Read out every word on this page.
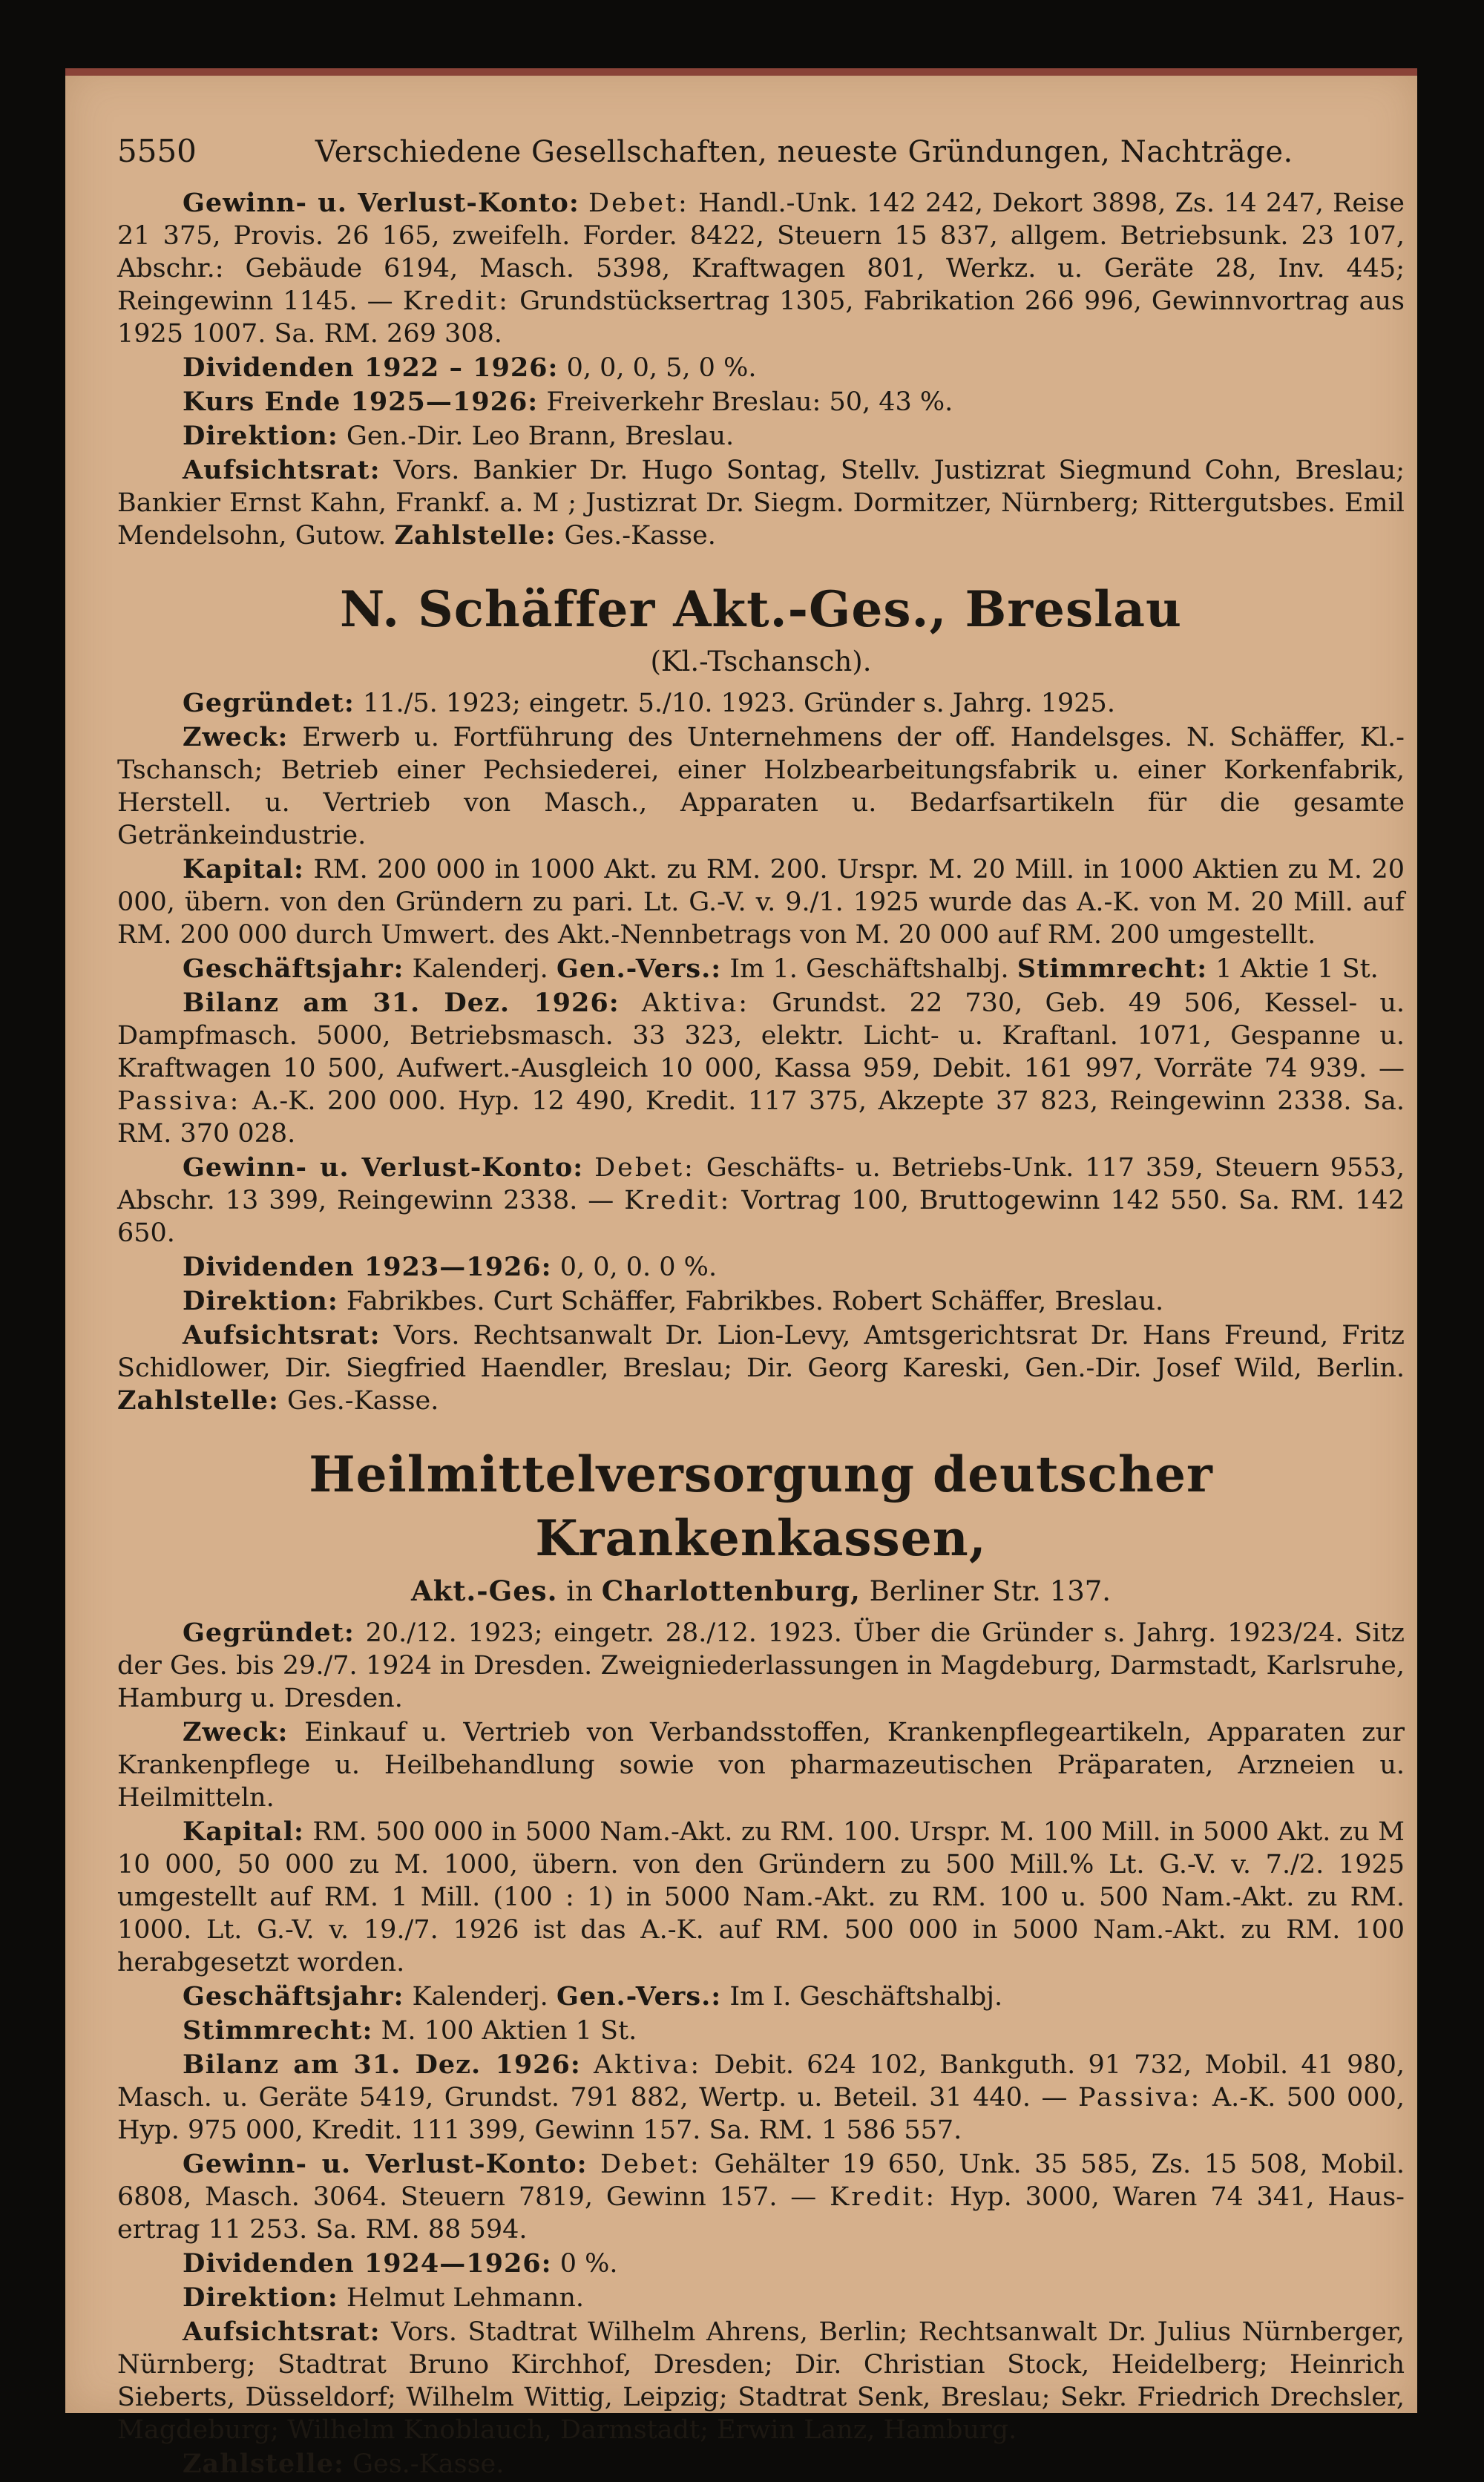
5550	Verschiedene Gesellschaften, neueste Gründungen, Nachträge.

Gewinn- u. Verlust-Konto: Debet: Handl.-Unk. 142 242, Dekort 3898, Zs. 14 247, Reise 21 375, Provis. 26 165, zweifelh. Forder. 8422, Steuern 15 837, allgem. Betriebsunk. 23 107, Abschr.: Gebäude 6194, Masch. 5398, Kraftwagen 801, Werkz. u. Geräte 28, Inv. 445; Reingewinn 1145. — Kredit: Grundstücksertrag 1305, Fabrikation 266 996, Gewinnvortrag aus 1925 1007. Sa. RM. 269 308.

Dividenden 1922 – 1926: 0, 0, 0, 5, 0 %.

Kurs Ende 1925—1926: Freiverkehr Breslau: 50, 43 %.

Direktion: Gen.-Dir. Leo Brann, Breslau.

Aufsichtsrat: Vors. Bankier Dr. Hugo Sontag, Stellv. Justizrat Siegmund Cohn, Breslau; Bankier Ernst Kahn, Frankf. a. M ; Justizrat Dr. Siegm. Dormitzer, Nürnberg; Rittergutsbes. Emil Mendelsohn, Gutow. Zahlstelle: Ges.-Kasse.

N. Schäffer Akt.-Ges., Breslau
(Kl.-Tschansch).

Gegründet: 11./5. 1923; eingetr. 5./10. 1923. Gründer s. Jahrg. 1925.

Zweck: Erwerb u. Fortführung des Unternehmens der off. Handelsges. N. Schäffer, Kl.-Tschansch; Betrieb einer Pechsiederei, einer Holzbearbeitungsfabrik u. einer Korkenfabrik, Herstell. u. Vertrieb von Masch., Apparaten u. Bedarfsartikeln für die gesamte Getränkeindustrie.

Kapital: RM. 200 000 in 1000 Akt. zu RM. 200. Urspr. M. 20 Mill. in 1000 Aktien zu M. 20 000, übern. von den Gründern zu pari. Lt. G.-V. v. 9./1. 1925 wurde das A.-K. von M. 20 Mill. auf RM. 200 000 durch Umwert. des Akt.-Nennbetrags von M. 20 000 auf RM. 200 umgestellt.

Geschäftsjahr: Kalenderj. Gen.-Vers.: Im 1. Geschäftshalbj. Stimmrecht: 1 Aktie 1 St.

Bilanz am 31. Dez. 1926: Aktiva: Grundst. 22 730, Geb. 49 506, Kessel- u. Dampfmasch. 5000, Betriebsmasch. 33 323, elektr. Licht- u. Kraftanl. 1071, Gespanne u. Kraftwagen 10 500, Aufwert.-Ausgleich 10 000, Kassa 959, Debit. 161 997, Vorräte 74 939. — Passiva: A.-K. 200 000. Hyp. 12 490, Kredit. 117 375, Akzepte 37 823, Reingewinn 2338. Sa. RM. 370 028.

Gewinn- u. Verlust-Konto: Debet: Geschäfts- u. Betriebs-Unk. 117 359, Steuern 9553, Abschr. 13 399, Reingewinn 2338. — Kredit: Vortrag 100, Bruttogewinn 142 550. Sa. RM. 142 650.

Dividenden 1923—1926: 0, 0, 0. 0 %.

Direktion: Fabrikbes. Curt Schäffer, Fabrikbes. Robert Schäffer, Breslau.

Aufsichtsrat: Vors. Rechtsanwalt Dr. Lion-Levy, Amtsgerichtsrat Dr. Hans Freund, Fritz Schidlower, Dir. Siegfried Haendler, Breslau; Dir. Georg Kareski, Gen.-Dir. Josef Wild, Berlin. Zahlstelle: Ges.-Kasse.

Heilmittelversorgung deutscher Krankenkassen,
Akt.-Ges. in Charlottenburg, Berliner Str. 137.

Gegründet: 20./12. 1923; eingetr. 28./12. 1923. Über die Gründer s. Jahrg. 1923/24. Sitz der Ges. bis 29./7. 1924 in Dresden. Zweigniederlassungen in Magdeburg, Darmstadt, Karlsruhe, Hamburg u. Dresden.

Zweck: Einkauf u. Vertrieb von Verbandsstoffen, Krankenpflegeartikeln, Apparaten zur Krankenpflege u. Heilbehandlung sowie von pharmazeutischen Präparaten, Arzneien u. Heilmitteln.

Kapital: RM. 500 000 in 5000 Nam.-Akt. zu RM. 100. Urspr. M. 100 Mill. in 5000 Akt. zu M 10 000, 50 000 zu M. 1000, übern. von den Gründern zu 500 Mill.% Lt. G.-V. v. 7./2. 1925 umgestellt auf RM. 1 Mill. (100 : 1) in 5000 Nam.-Akt. zu RM. 100 u. 500 Nam.-Akt. zu RM. 1000. Lt. G.-V. v. 19./7. 1926 ist das A.-K. auf RM. 500 000 in 5000 Nam.-Akt. zu RM. 100 herabgesetzt worden.

Geschäftsjahr: Kalenderj. Gen.-Vers.: Im I. Geschäftshalbj.

Stimmrecht: M. 100 Aktien 1 St.

Bilanz am 31. Dez. 1926: Aktiva: Debit. 624 102, Bankguth. 91 732, Mobil. 41 980, Masch. u. Geräte 5419, Grundst. 791 882, Wertp. u. Beteil. 31 440. — Passiva: A.-K. 500 000, Hyp. 975 000, Kredit. 111 399, Gewinn 157. Sa. RM. 1 586 557.

Gewinn- u. Verlust-Konto: Debet: Gehälter 19 650, Unk. 35 585, Zs. 15 508, Mobil. 6808, Masch. 3064. Steuern 7819, Gewinn 157. — Kredit: Hyp. 3000, Waren 74 341, Haus-ertrag 11 253. Sa. RM. 88 594.

Dividenden 1924—1926: 0 %.

Direktion: Helmut Lehmann.

Aufsichtsrat: Vors. Stadtrat Wilhelm Ahrens, Berlin; Rechtsanwalt Dr. Julius Nürnberger, Nürnberg; Stadtrat Bruno Kirchhof, Dresden; Dir. Christian Stock, Heidelberg; Heinrich Sieberts, Düsseldorf; Wilhelm Wittig, Leipzig; Stadtrat Senk, Breslau; Sekr. Friedrich Drechsler, Magdeburg; Wilhelm Knoblauch, Darmstadt; Erwin Lanz, Hamburg.

Zahlstelle: Ges.-Kasse.
